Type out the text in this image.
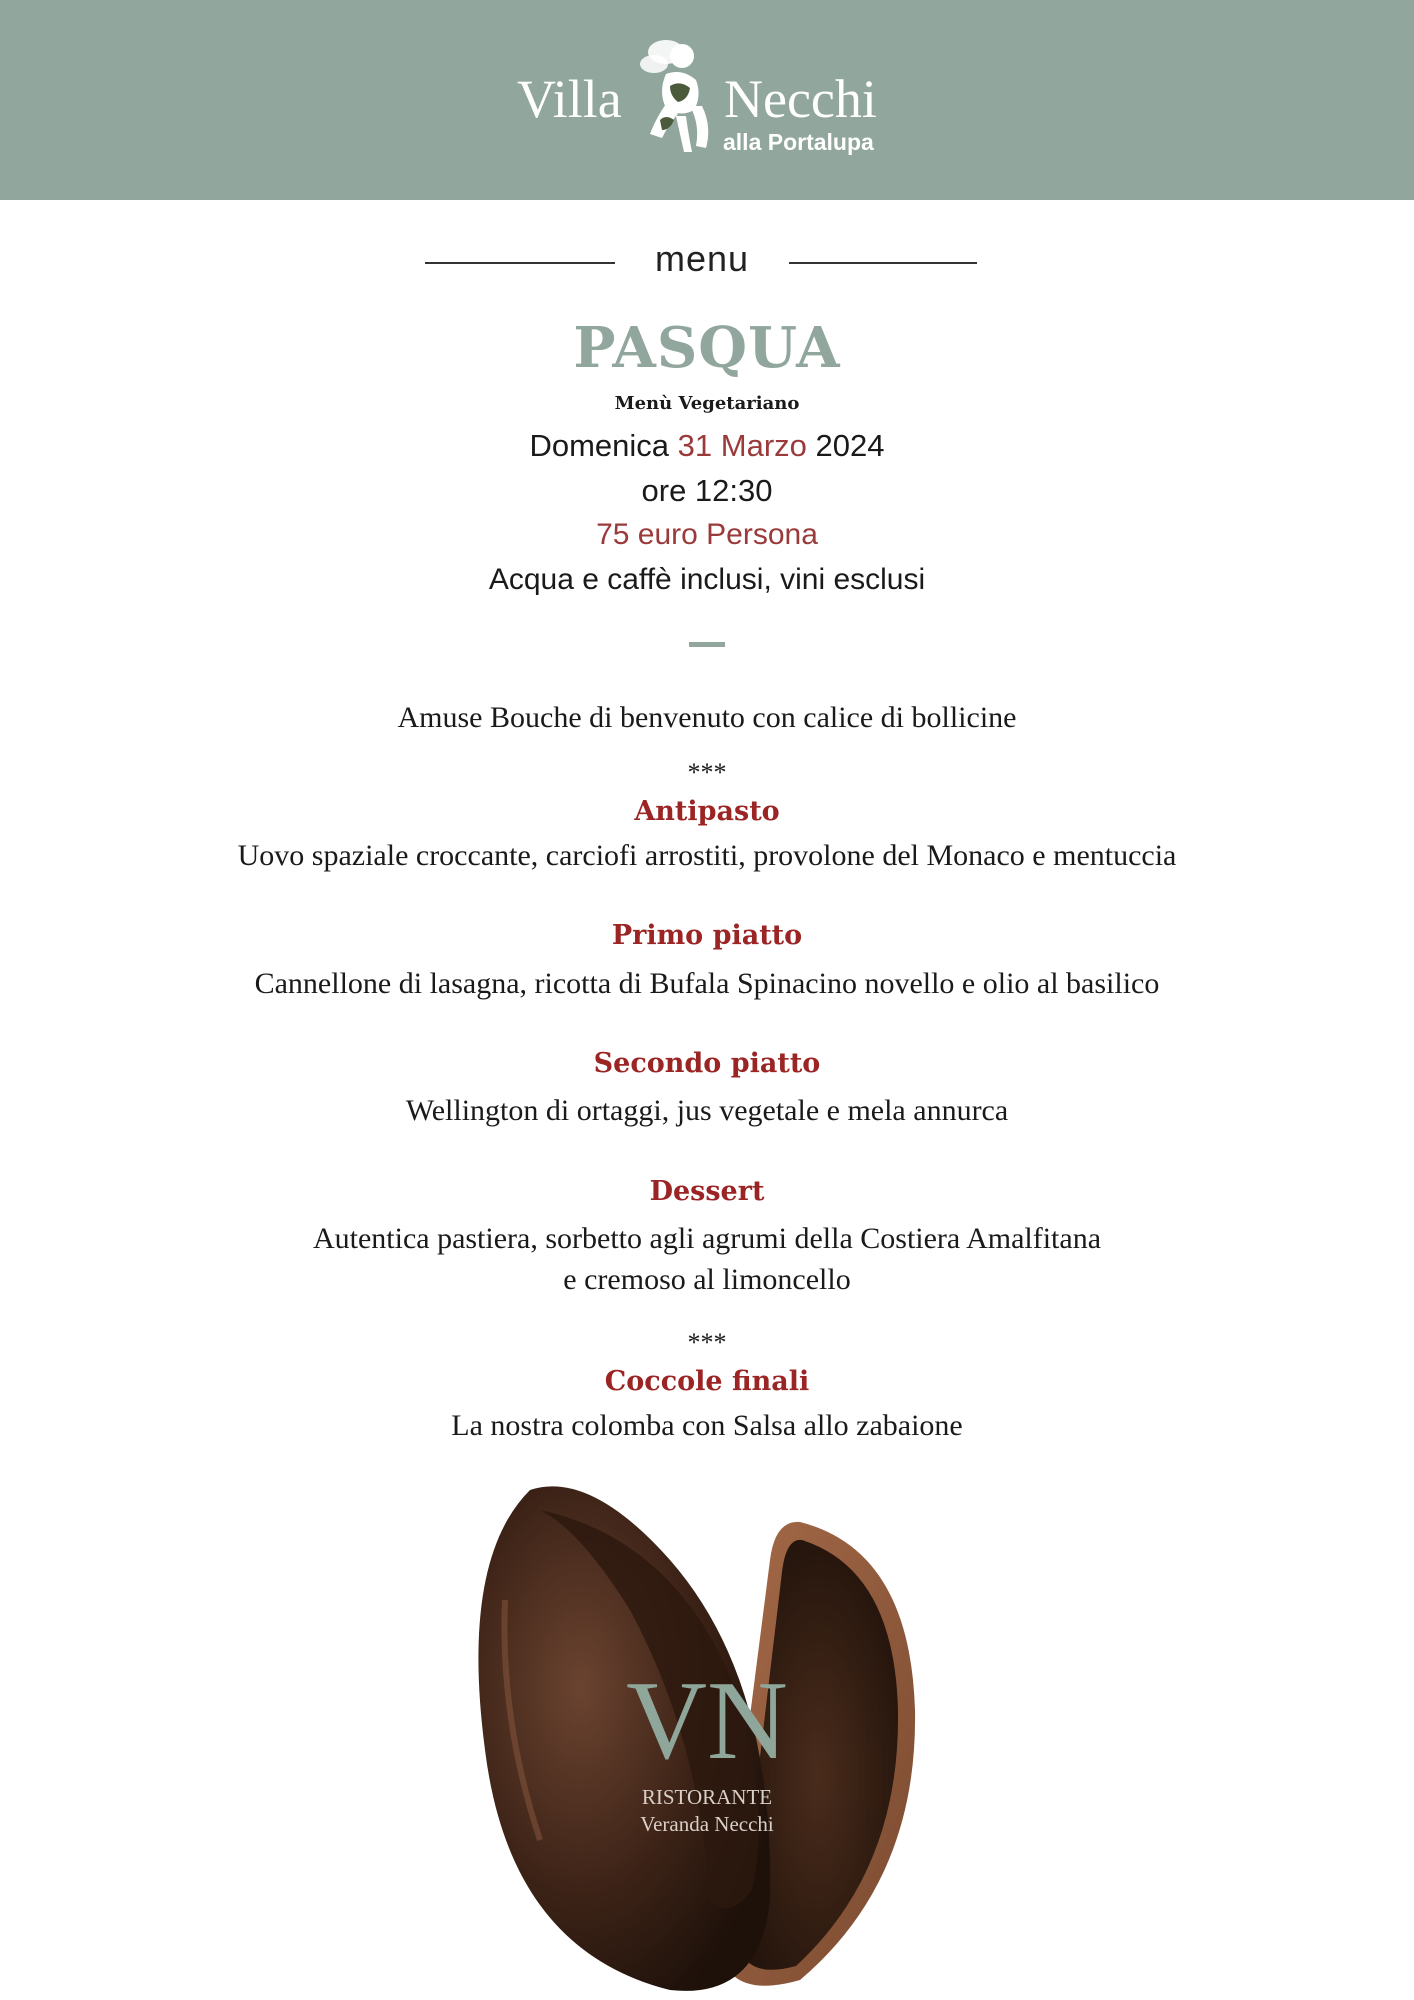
Villa Necchi
alla Portalupa
menu
PASQUA
Menù Vegetariano
Domenica 31 Marzo 2024
ore 12:30
75 euro Persona
Acqua e caffè inclusi, vini esclusi
Amuse Bouche di benvenuto con calice di bollicine
***
Antipasto
Uovo spaziale croccante, carciofi arrostiti, provolone del Monaco e mentuccia
Primo piatto
Cannellone di lasagna, ricotta di Bufala Spinacino novello e olio al basilico
Secondo piatto
Wellington di ortaggi, jus vegetale e mela annurca
Dessert
Autentica pastiera, sorbetto agli agrumi della Costiera Amalfitana
e cremoso al limoncello
***
Coccole finali
La nostra colomba con Salsa allo zabaione
VN
RISTORANTE
Veranda Necchi
